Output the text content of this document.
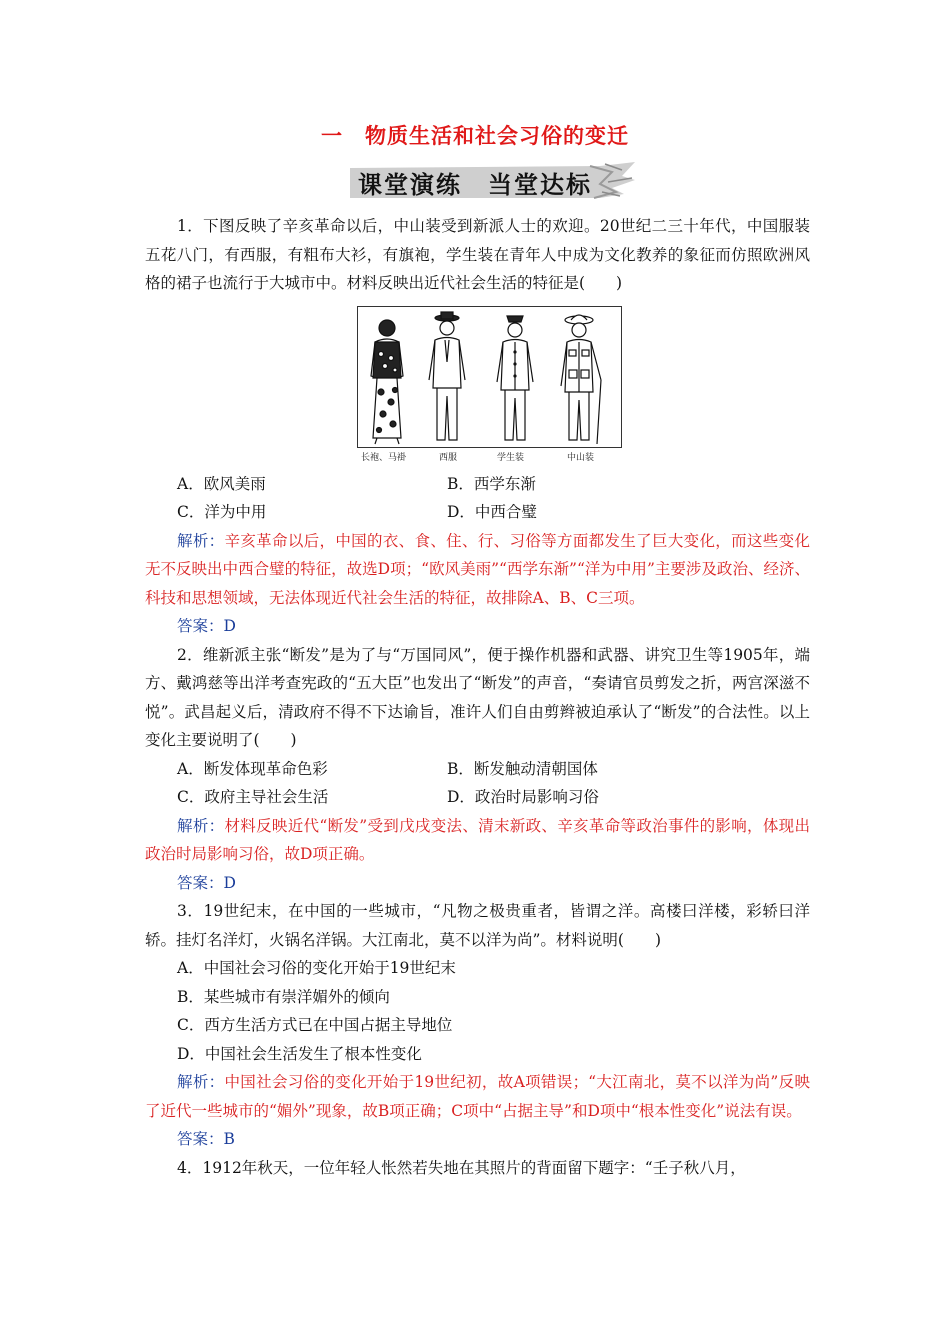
一　物质生活和社会习俗的变迁
课堂演练　当堂达标

1．下图反映了辛亥革命以后，中山装受到新派人士的欢迎。20世纪二三十年代，中国服装五花八门，有西服，有粗布大衫，有旗袍，学生装在青年人中成为文化教养的象征而仿照欧洲风格的裙子也流行于大城市中。材料反映出近代社会生活的特征是(　　)

长袍、马褂	西服	学生装	中山装
A．欧风美雨	B．西学东渐
C．洋为中用	D．中西合璧

解析：辛亥革命以后，中国的衣、食、住、行、习俗等方面都发生了巨大变化，而这些变化无不反映出中西合璧的特征，故选D项；“欧风美雨”“西学东渐”“洋为中用”主要涉及政治、经济、科技和思想领域，无法体现近代社会生活的特征，故排除A、B、C三项。

答案：D

2．维新派主张“断发”是为了与“万国同风”，便于操作机器和武器、讲究卫生等1905年，端方、戴鸿慈等出洋考查宪政的“五大臣”也发出了“断发”的声音，“奏请官员剪发之折，两宫深滋不悦”。武昌起义后，清政府不得不下达谕旨，准许人们自由剪辫被迫承认了“断发”的合法性。以上变化主要说明了(　　)

A．断发体现革命色彩	B．断发触动清朝国体
C．政府主导社会生活	D．政治时局影响习俗

解析：材料反映近代“断发”受到戊戌变法、清末新政、辛亥革命等政治事件的影响，体现出政治时局影响习俗，故D项正确。

答案：D

3．19世纪末，在中国的一些城市，“凡物之极贵重者，皆谓之洋。高楼曰洋楼，彩轿曰洋轿。挂灯名洋灯，火锅名洋锅。大江南北，莫不以洋为尚”。材料说明(　　)

A．中国社会习俗的变化开始于19世纪末

B．某些城市有崇洋媚外的倾向

C．西方生活方式已在中国占据主导地位

D．中国社会生活发生了根本性变化

解析：中国社会习俗的变化开始于19世纪初，故A项错误；“大江南北，莫不以洋为尚”反映了近代一些城市的“媚外”现象，故B项正确；C项中“占据主导”和D项中“根本性变化”说法有误。

答案：B

4．1912年秋天，一位年轻人怅然若失地在其照片的背面留下题字：“壬子秋八月，
